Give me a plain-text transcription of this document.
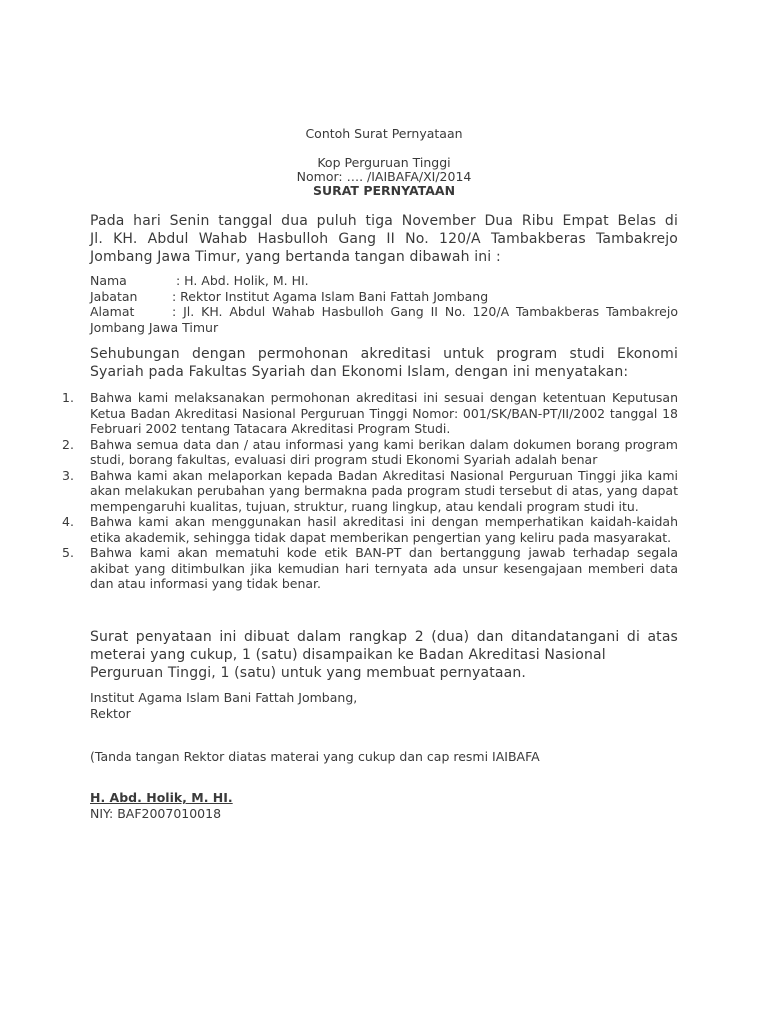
Contoh Surat Pernyataan
Kop Perguruan Tinggi
Nomor: …. /IAIBAFA/XI/2014
SURAT PERNYATAAN
Pada hari Senin tanggal dua puluh tiga November Dua Ribu Empat Belas di
Jl. KH. Abdul Wahab Hasbulloh Gang II No. 120/A Tambakberas Tambakrejo
Jombang Jawa Timur, yang bertanda tangan dibawah ini :
Nama	: H. Abd. Holik, M. HI.
Jabatan	: Rektor Institut Agama Islam Bani Fattah Jombang
Alamat	: Jl. KH. Abdul Wahab Hasbulloh Gang II No. 120/A Tambakberas Tambakrejo Jombang Jawa Timur
Sehubungan dengan permohonan akreditasi untuk program studi Ekonomi
Syariah pada Fakultas Syariah dan Ekonomi Islam, dengan ini menyatakan:
1. Bahwa kami melaksanakan permohonan akreditasi ini sesuai dengan ketentuan Keputusan Ketua Badan Akreditasi Nasional Perguruan Tinggi Nomor: 001/SK/BAN-PT/II/2002 tanggal 18 Februari 2002 tentang Tatacara Akreditasi Program Studi.
2. Bahwa semua data dan / atau informasi yang kami berikan dalam dokumen borang program studi, borang fakultas, evaluasi diri program studi Ekonomi Syariah adalah benar
3. Bahwa kami akan melaporkan kepada Badan Akreditasi Nasional Perguruan Tinggi jika kami akan melakukan perubahan yang bermakna pada program studi tersebut di atas, yang dapat mempengaruhi kualitas, tujuan, struktur, ruang lingkup, atau kendali program studi itu.
4. Bahwa kami akan menggunakan hasil akreditasi ini dengan memperhatikan kaidah-kaidah etika akademik, sehingga tidak dapat memberikan pengertian yang keliru pada masyarakat.
5. Bahwa kami akan mematuhi kode etik BAN-PT dan bertanggung jawab terhadap segala akibat yang ditimbulkan jika kemudian hari ternyata ada unsur kesengajaan memberi data dan atau informasi yang tidak benar.
Surat penyataan ini dibuat dalam rangkap 2 (dua) dan ditandatangani di atas
meterai yang cukup, 1 (satu) disampaikan ke Badan Akreditasi Nasional
Perguruan Tinggi, 1 (satu) untuk yang membuat pernyataan.
Institut Agama Islam Bani Fattah Jombang,
Rektor
(Tanda tangan Rektor diatas materai yang cukup dan cap resmi IAIBAFA
H. Abd. Holik, M. HI.
NIY: BAF2007010018
